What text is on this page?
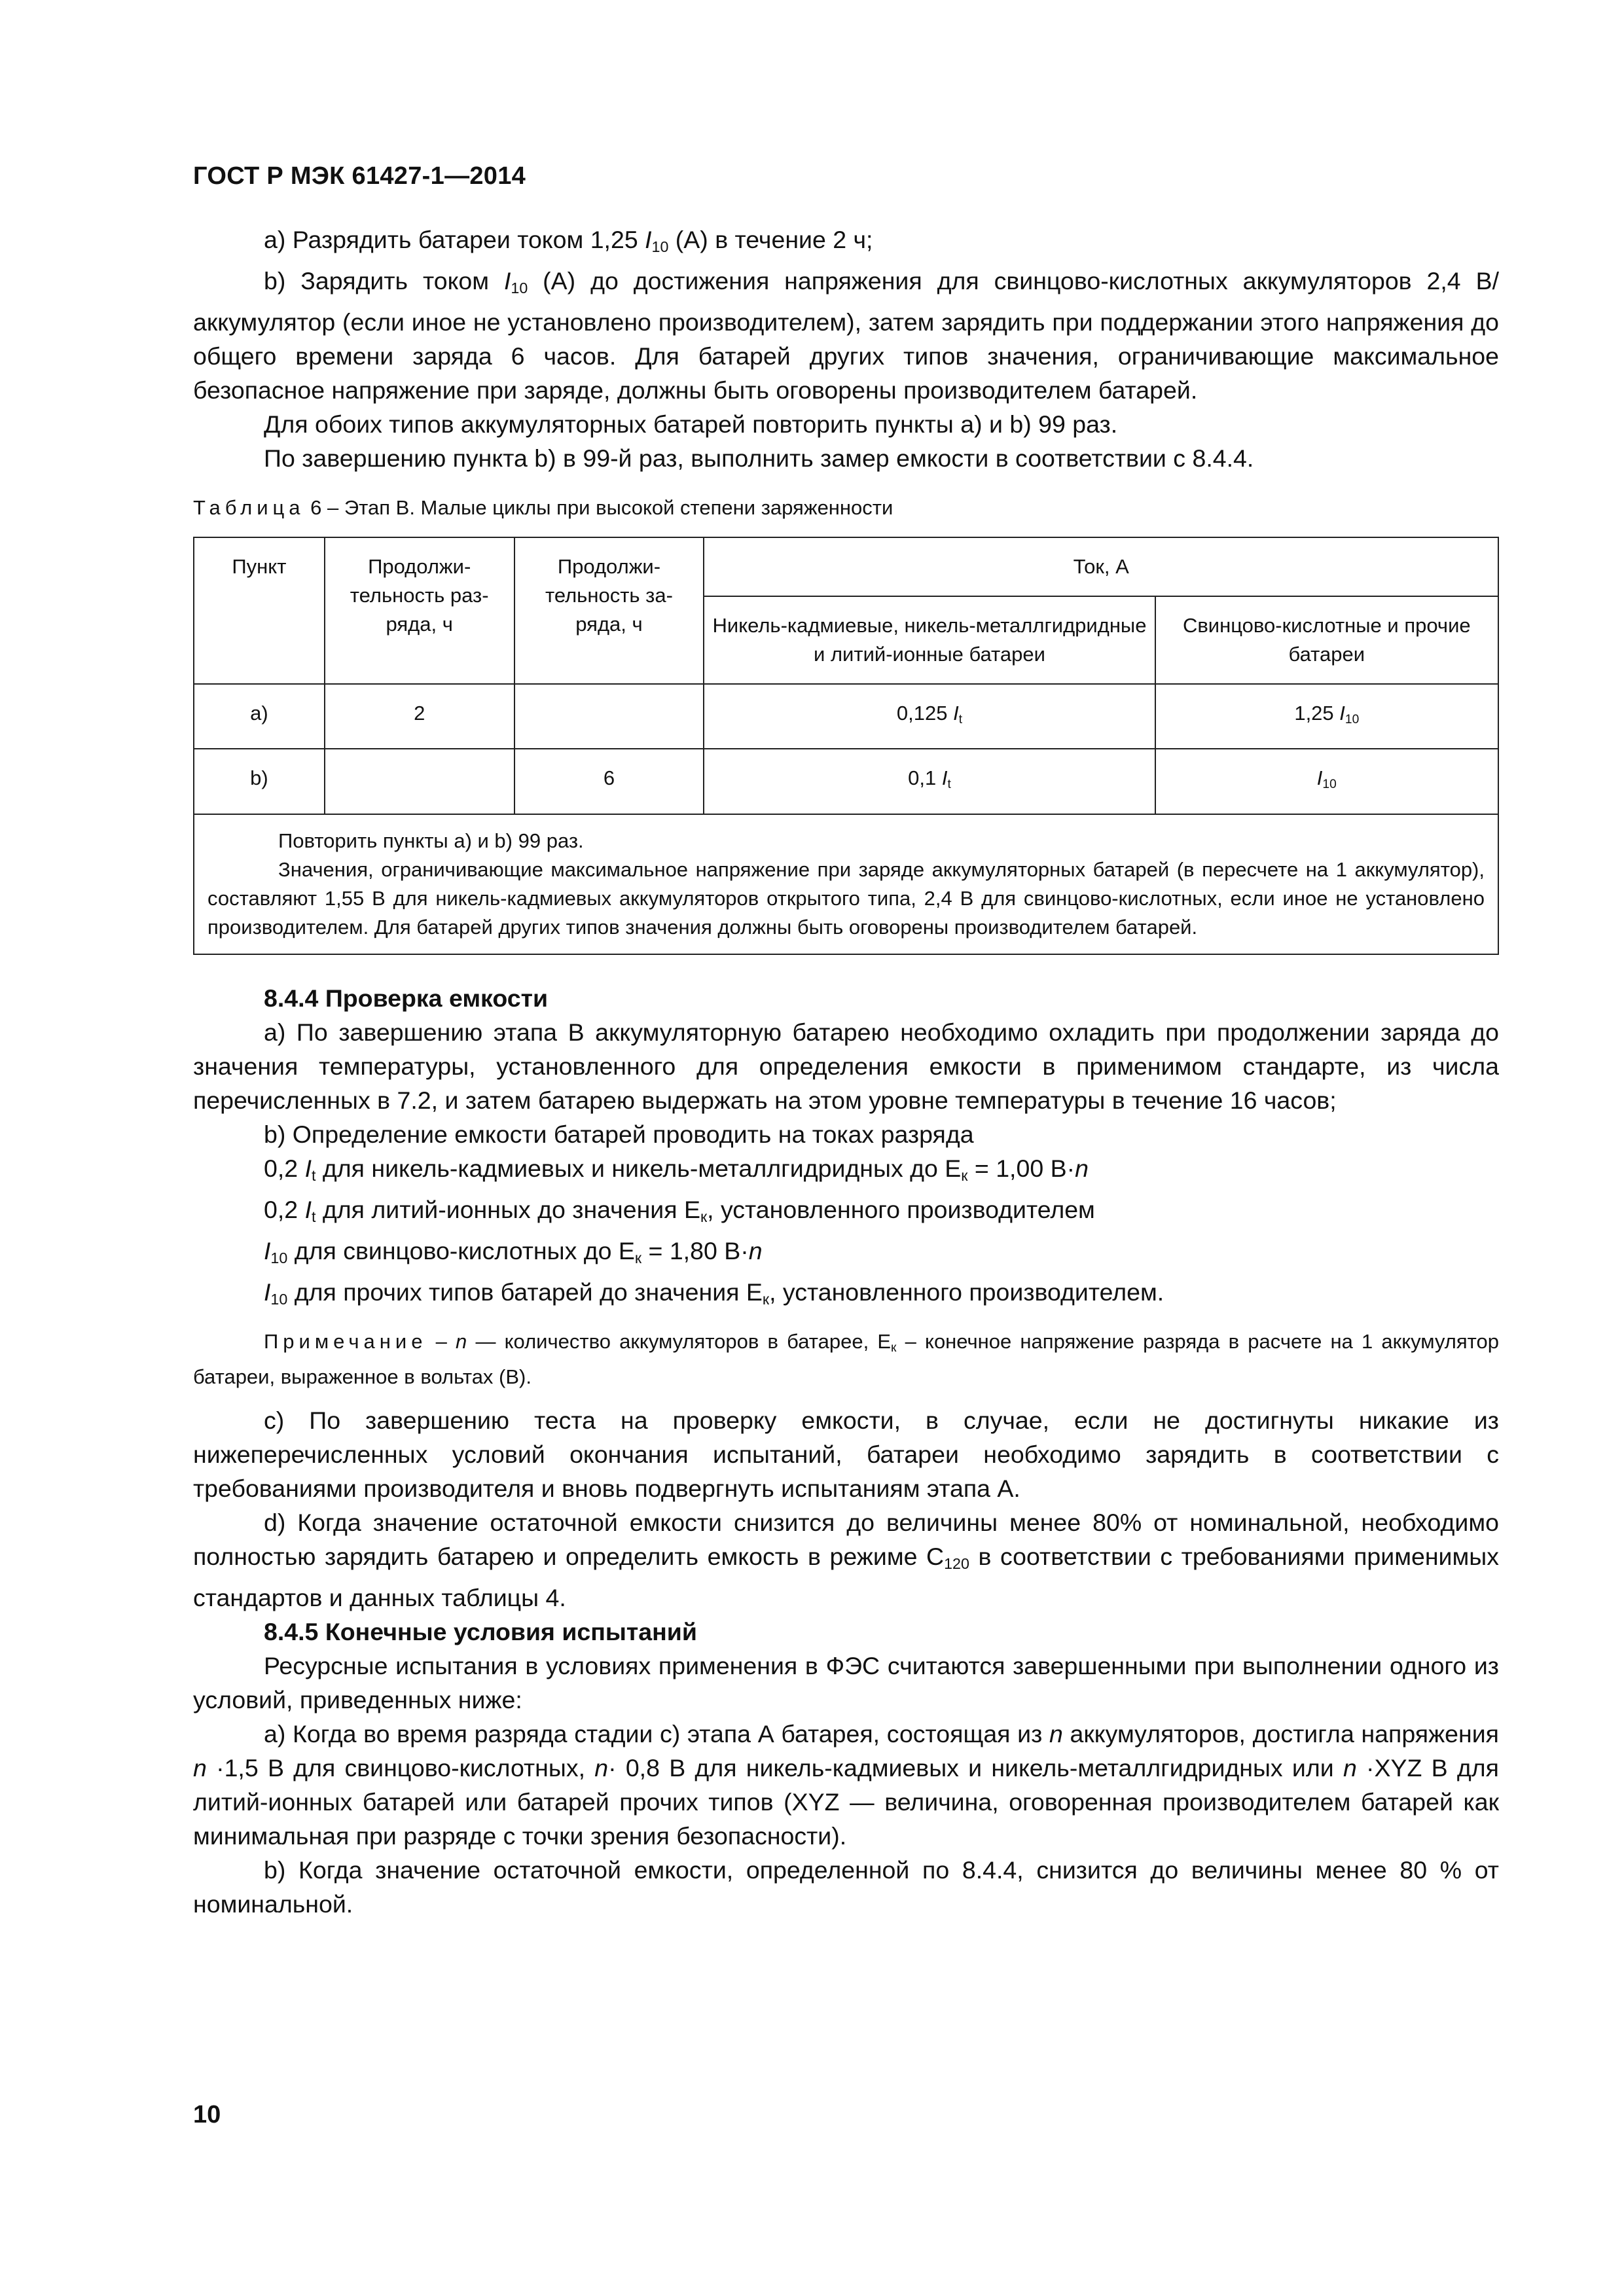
ГОСТ Р МЭК 61427-1—2014

а) Разрядить батареи током 1,25 $I_{10}$ (А) в течение 2 ч;

b) Зарядить током $I_{10}$ (А) до достижения напряжения для свинцово-кислотных аккумуляторов 2,4 В/аккумулятор (если иное не установлено производителем), затем зарядить при поддержании этого напряжения до общего времени заряда 6 часов. Для батарей других типов значения, ограничивающие максимальное безопасное напряжение при заряде, должны быть оговорены производителем батарей.

Для обоих типов аккумуляторных батарей повторить пункты а) и b) 99 раз.

По завершению пункта b) в 99-й раз, выполнить замер емкости в соответствии с 8.4.4.

Таблица 6 – Этап В. Малые циклы при высокой степени заряженности
Пункт	Продолжи-тельность раз-ряда, ч	Продолжи-тельность за-ряда, ч	Ток, А	
			Никель-кадмиевые, никель-металлгидридные и литий-ионные батареи	Свинцово-кислотные и прочие батареи
а)	2		0,125 $I_t$	1,25 $I_{10}$
b)		6	0,1 $I_t$	$I_{10}$

Повторить пункты а) и b) 99 раз.

Значения, ограничивающие максимальное напряжение при заряде аккумуляторных батарей (в пересчете на 1 аккумулятор), составляют 1,55 В для никель-кадмиевых аккумуляторов открытого типа, 2,4 В для свинцово-кислотных, если иное не установлено производителем. Для батарей других типов значения должны быть оговорены производителем батарей.				

8.4.4 Проверка емкости

а) По завершению этапа В аккумуляторную батарею необходимо охладить при продолжении заряда до значения температуры, установленного для определения емкости в применимом стандарте, из числа перечисленных в 7.2, и затем батарею выдержать на этом уровне температуры в течение 16 часов;

b) Определение емкости батарей проводить на токах разряда

0,2 $I_t$ для никель-кадмиевых и никель-металлгидридных до $Е_к = 1,00$ В·n

0,2 $I_t$ для литий-ионных до значения $Е_к$, установленного производителем

$I_{10}$ для свинцово-кислотных до $Е_к = 1,80$ В·n

$I_{10}$ для прочих типов батарей до значения $Е_к$, установленного производителем.

Примечание – n — количество аккумуляторов в батарее, $Е_к$ – конечное напряжение разряда в расчете на 1 аккумулятор батареи, выраженное в вольтах (В).

с) По завершению теста на проверку емкости, в случае, если не достигнуты никакие из нижеперечисленных условий окончания испытаний, батареи необходимо зарядить в соответствии с требованиями производителя и вновь подвергнуть испытаниям этапа А.

d) Когда значение остаточной емкости снизится до величины менее 80% от номинальной, необходимо полностью зарядить батарею и определить емкость в режиме $С_{120}$ в соответствии с требованиями применимых стандартов и данных таблицы 4.

8.4.5 Конечные условия испытаний

Ресурсные испытания в условиях применения в ФЭС считаются завершенными при выполнении одного из условий, приведенных ниже:

а) Когда во время разряда стадии с) этапа А батарея, состоящая из n аккумуляторов, достигла напряжения n ·1,5 В для свинцово-кислотных, n· 0,8 В для никель-кадмиевых и никель-металлгидридных или n ·XYZ В для литий-ионных батарей или батарей прочих типов (XYZ — величина, оговоренная производителем батарей как минимальная при разряде с точки зрения безопасности).

b) Когда значение остаточной емкости, определенной по 8.4.4, снизится до величины менее 80 % от номинальной.

10
